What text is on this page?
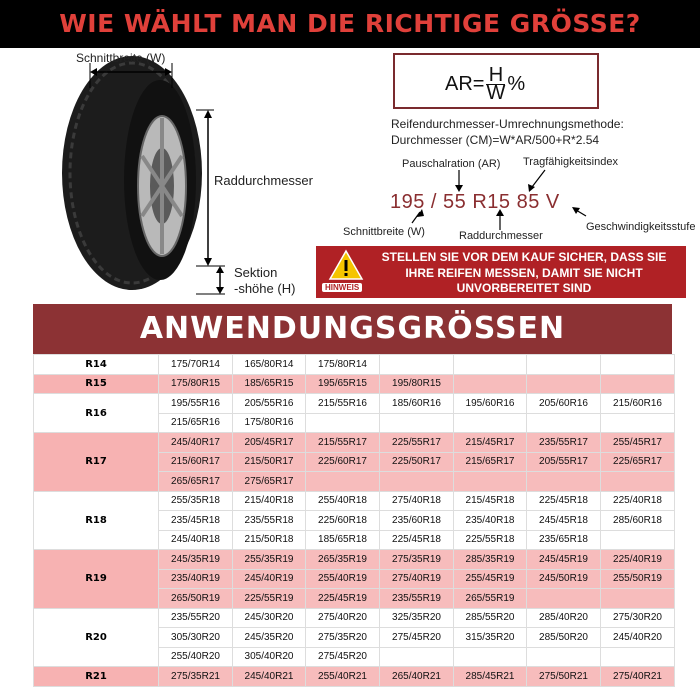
WIE WÄHLT MAN DIE RICHTIGE GRÖSSE?
Schnittbreite (W)
Raddurchmesser
Sektion
-shöhe (H)
$AR= \frac{H}{W}$ %
Reifendurchmesser-Umrechnungsmethode:
Durchmesser (CM)=W*AR/500+R*2.54
Pauschalration (AR) Tragfähigkeitsindex
195 / 55 R15 85 V
Schnittbreite (W)	Raddurchmesser
Geschwindigkeitsstufe
HINWEIS
STELLEN SIE VOR DEM KAUF SICHER, DASS SIE IHRE REIFEN MESSEN, DAMIT SIE NICHT UNVORBEREITET SIND
ANWENDUNGSGRÖSSEN
R14	175/70R14	165/80R14	175/80R14				
R15	175/80R15	185/65R15	195/65R15	195/80R15			
R16	195/55R16	205/55R16	215/55R16	185/60R16	195/60R16	205/60R16	215/60R16
	215/65R16	175/80R16					
R17	245/40R17	205/45R17	215/55R17	225/55R17	215/45R17	235/55R17	255/45R17
	215/60R17	215/50R17	225/60R17	225/50R17	215/65R17	205/55R17	225/65R17
	265/65R17	275/65R17					
R18	255/35R18	215/40R18	255/40R18	275/40R18	215/45R18	225/45R18	225/40R18
	235/45R18	235/55R18	225/60R18	235/60R18	235/40R18	245/45R18	285/60R18
	245/40R18	215/50R18	185/65R18	225/45R18	225/55R18	235/65R18	
R19	245/35R19	255/35R19	265/35R19	275/35R19	285/35R19	245/45R19	225/40R19
	235/40R19	245/40R19	255/40R19	275/40R19	255/45R19	245/50R19	255/50R19
	265/50R19	225/55R19	225/45R19	235/55R19	265/55R19		
R20	235/55R20	245/30R20	275/40R20	325/35R20	285/55R20	285/40R20	275/30R20
	305/30R20	245/35R20	275/35R20	275/45R20	315/35R20	285/50R20	245/40R20
	255/40R20	305/40R20	275/45R20				
R21	275/35R21	245/40R21	255/40R21	265/40R21	285/45R21	275/50R21	275/40R21
